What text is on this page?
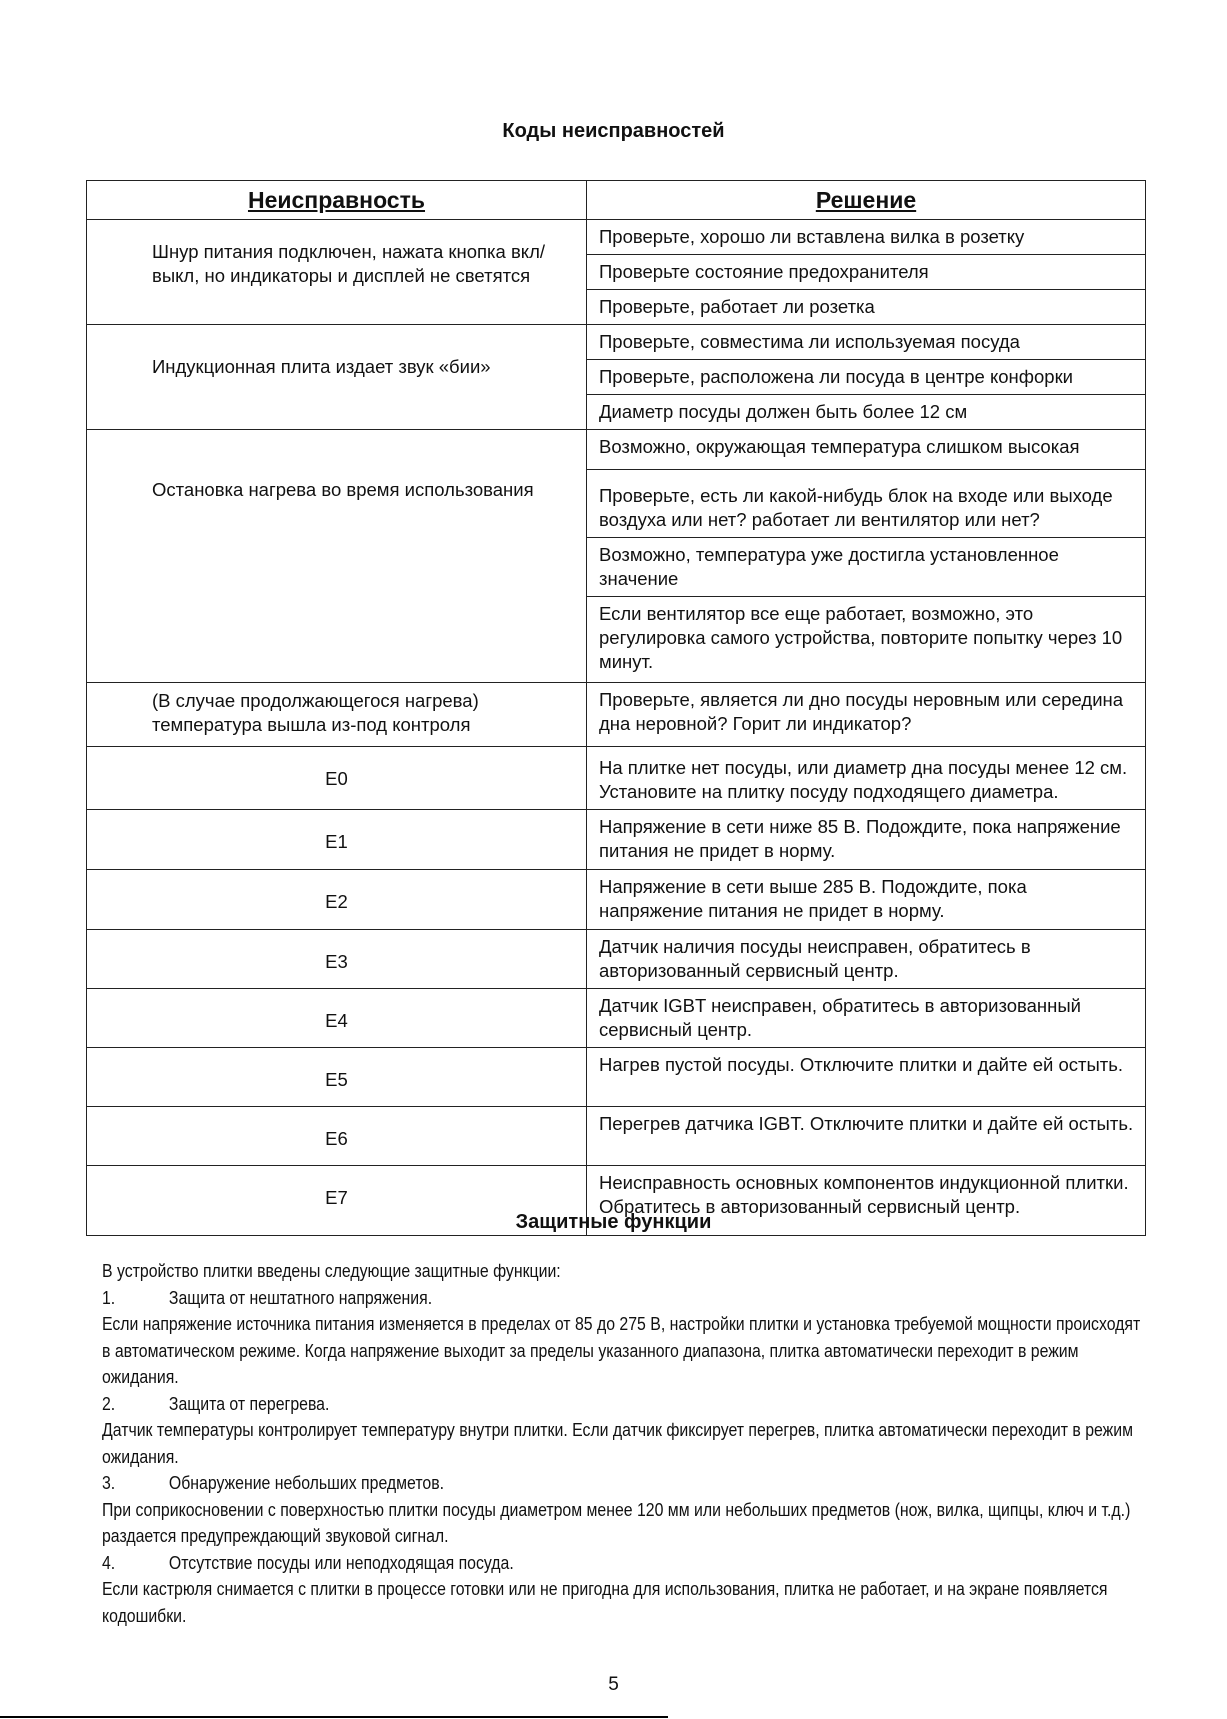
Коды неисправностей
Неисправность	Решение
Шнур питания подключен, нажата кнопка вкл/выкл, но индикаторы и дисплей не светятся	Проверьте, хорошо ли вставлена вилка в розетку
	Проверьте состояние предохранителя
	Проверьте, работает ли розетка
Индукционная плита издает звук «бии»	Проверьте, совместима ли используемая посуда
	Проверьте, расположена ли посуда в центре конфорки
	Диаметр посуды должен быть более 12 см
Остановка нагрева во время использования	Возможно, окружающая температура слишком высокая
	Проверьте, есть ли какой-нибудь блок на входе или выходе воздуха или нет? работает ли вентилятор или нет?
	Возможно, температура уже достигла установленное значение
	Если вентилятор все еще работает, возможно, это регулировка самого устройства, повторите попытку через 10 минут.
(В случае продолжающегося нагрева) температура вышла из-под контроля	Проверьте, является ли дно посуды неровным или середина дна неровной? Горит ли индикатор?
E0	На плитке нет посуды, или диаметр дна посуды менее 12 см. Установите на плитку посуду подходящего диаметра.
E1	Напряжение в сети ниже 85 В. Подождите, пока напряжение питания не придет в норму.
E2	Напряжение в сети выше 285 В. Подождите, пока напряжение питания не придет в норму.
E3	Датчик наличия посуды неисправен, обратитесь в авторизованный сервисный центр.
E4	Датчик IGBT неисправен, обратитесь в авторизованный сервисный центр.
E5	Нагрев пустой посуды. Отключите плитки и дайте ей остыть.
E6	Перегрев датчика IGBT. Отключите плитки и дайте ей остыть.
E7	Неисправность основных компонентов индукционной плитки. Обратитесь в авторизованный сервисный центр.
Защитные функции

В устройство плитки введены следующие защитные функции:

1.	Защита от нештатного напряжения.

Если напряжение источника питания изменяется в пределах от 85 до 275 В, настройки плитки и установка требуемой мощности происходят в автоматическом режиме. Когда напряжение выходит за пределы указанного диапазона, плитка автоматически переходит в режим ожидания.

2.	Защита от перегрева.

Датчик температуры контролирует температуру внутри плитки. Если датчик фиксирует перегрев, плитка автоматически переходит в режим ожидания.

3.	Обнаружение небольших предметов.

При соприкосновении с поверхностью плитки посуды диаметром менее 120 мм или небольших предметов (нож, вилка, щипцы, ключ и т.д.) раздается предупреждающий звуковой сигнал.

4.	Отсутствие посуды или неподходящая посуда.

Если кастрюля снимается с плитки в процессе готовки или не пригодна для использования, плитка не работает, и на экране появляется кодошибки.

5
